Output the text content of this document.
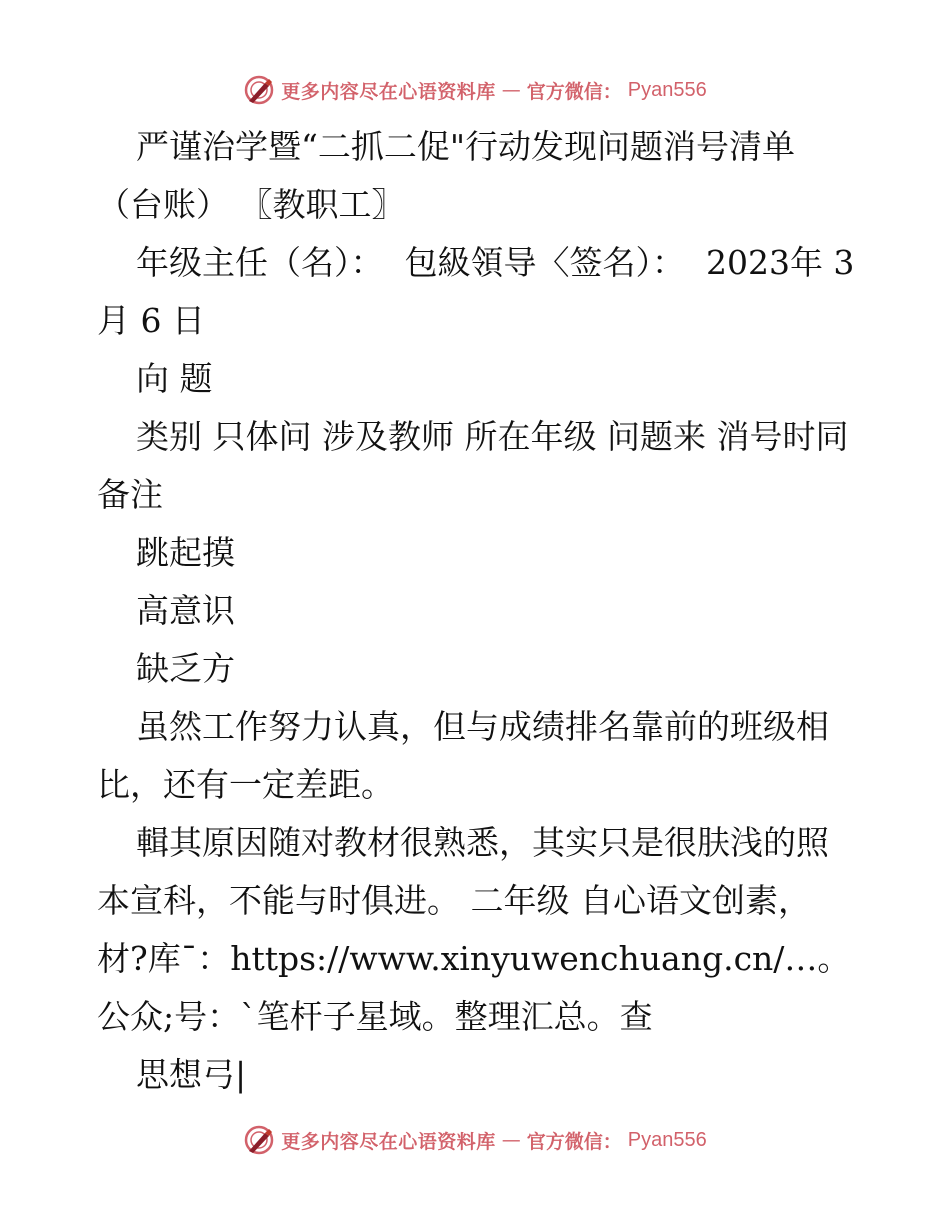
更多内容尽在心语资料库 — 官方微信： Pyan556

严谨治学暨“二抓二促"行动发现问题消号清单（台账） 〖教职工〗

年级主任（名）：  包級領导〈签名）：  2023年 3 月 6 日

向 题

类别 只体问 涉及教师 所在年级 问题来 消号时同 备注

跳起摸

高意识

缺乏方

虽然工作努力认真，但与成绩排名靠前的班级相比，还有一定差距。

輯其原因随对教材很熟悉，其实只是很肤浅的照本宣科，不能与时俱进。 二年级 自心语文创素，材?库¯：https://www.xinyuwenchuang.cn/…。公众;号：`笔杆子星域。整理汇总。查

思想弓|

更多内容尽在心语资料库 — 官方微信： Pyan556
